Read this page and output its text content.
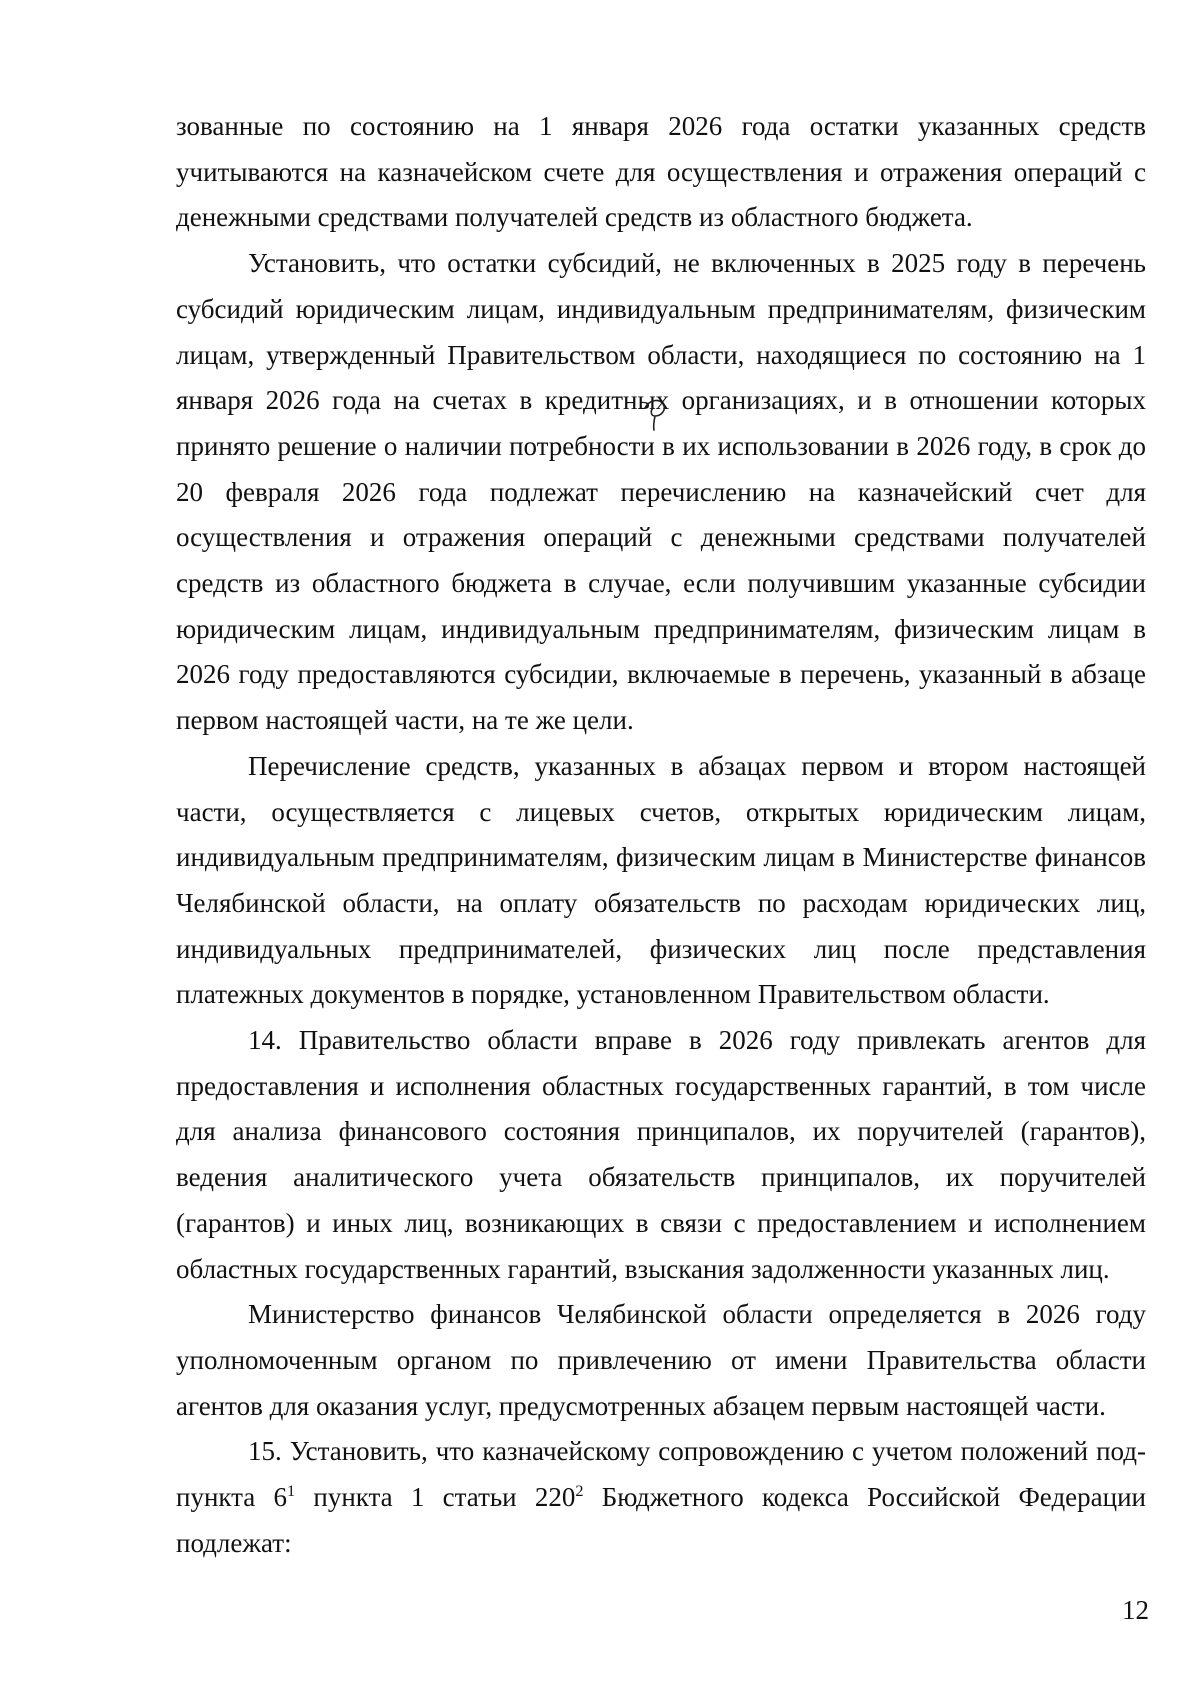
зованные по состоянию на 1 января 2026 года остатки указанных средств учитываются на казначейском счете для осуществления и отражения операций с денежными средствами получателей средств из областного бюджета.

Установить, что остатки субсидий, не включенных в 2025 году в перечень субсидий юридическим лицам, индивидуальным предпринимателям, физическим лицам, утвержденный Правительством области, находящиеся по состоянию на 1 января 2026 года на счетах в кредитных организациях, и в отношении которых принято решение о наличии потребности в их использовании в 2026 году, в срок до 20 февраля 2026 года подлежат перечислению на казначейский счет для осуществления и отражения операций с денежными средствами получателей средств из областного бюджета в случае, если получившим указанные субсидии юридическим лицам, индивидуальным предпринимателям, физическим лицам в 2026 году предоставляются субсидии, включаемые в перечень, указанный в абзаце первом настоящей части, на те же цели.

Перечисление средств, указанных в абзацах первом и втором настоящей части, осуществляется с лицевых счетов, открытых юридическим лицам, индивидуальным предпринимателям, физическим лицам в Министерстве финансов Челябинской области, на оплату обязательств по расходам юридических лиц, индивидуальных предпринимателей, физических лиц после представления платежных документов в порядке, установленном Правительством области.

14. Правительство области вправе в 2026 году привлекать агентов для предоставления и исполнения областных государственных гарантий, в том числе для анализа финансового состояния принципалов, их поручителей (гарантов), ведения аналитического учета обязательств принципалов, их поручителей (гарантов) и иных лиц, возникающих в связи с предоставлением и исполнением областных государственных гарантий, взыскания задолженности указанных лиц.

Министерство финансов Челябинской области определяется в 2026 году уполномоченным органом по привлечению от имени Правительства области агентов для оказания услуг, предусмотренных абзацем первым настоящей части.

15. Установить, что казначейскому сопровождению с учетом положений подпункта $6^1$ пункта 1 статьи $220^2$ Бюджетного кодекса Российской Федерации подлежат:

12
